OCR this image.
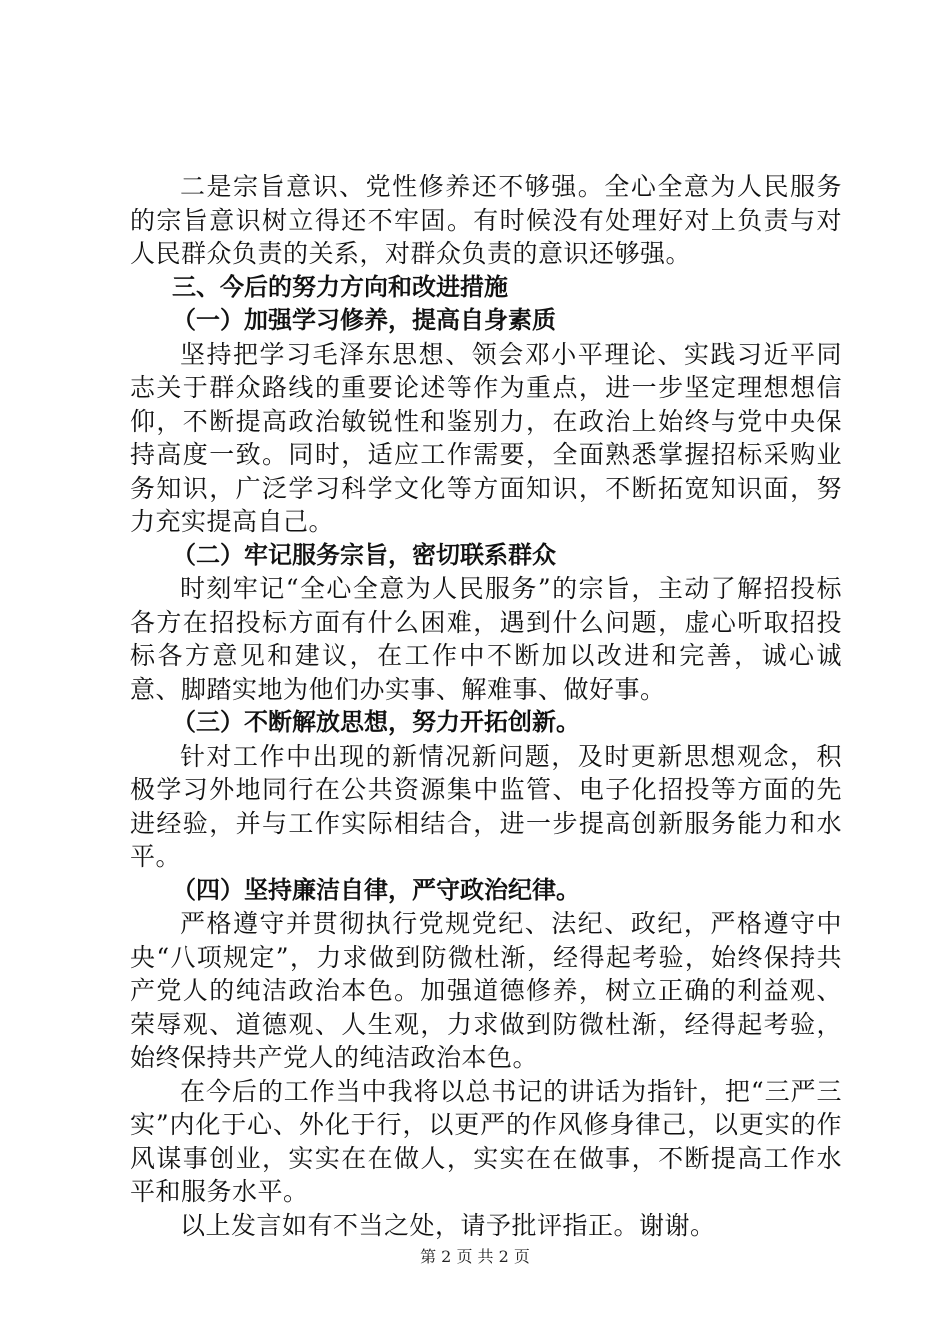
二是宗旨意识、党性修养还不够强。全心全意为人民服务的宗旨意识树立得还不牢固。有时候没有处理好对上负责与对人民群众负责的关系，对群众负责的意识还够强。

三、今后的努力方向和改进措施

（一）加强学习修养，提高自身素质

坚持把学习毛泽东思想、领会邓小平理论、实践习近平同志关于群众路线的重要论述等作为重点，进一步坚定理想想信仰，不断提高政治敏锐性和鉴别力，在政治上始终与党中央保持高度一致。同时，适应工作需要，全面熟悉掌握招标采购业务知识，广泛学习科学文化等方面知识，不断拓宽知识面，努力充实提高自己。

（二）牢记服务宗旨，密切联系群众

时刻牢记“全心全意为人民服务”的宗旨，主动了解招投标各方在招投标方面有什么困难，遇到什么问题，虚心听取招投标各方意见和建议，在工作中不断加以改进和完善，诚心诚意、脚踏实地为他们办实事、解难事、做好事。

（三）不断解放思想，努力开拓创新。

针对工作中出现的新情况新问题，及时更新思想观念，积极学习外地同行在公共资源集中监管、电子化招投等方面的先进经验，并与工作实际相结合，进一步提高创新服务能力和水平。

（四）坚持廉洁自律，严守政治纪律。

严格遵守并贯彻执行党规党纪、法纪、政纪，严格遵守中央“八项规定”，力求做到防微杜渐，经得起考验，始终保持共产党人的纯洁政治本色。加强道德修养，树立正确的利益观、荣辱观、道德观、人生观，力求做到防微杜渐，经得起考验，始终保持共产党人的纯洁政治本色。

在今后的工作当中我将以总书记的讲话为指针，把“三严三实”内化于心、外化于行，以更严的作风修身律己，以更实的作风谋事创业，实实在在做人，实实在在做事，不断提高工作水平和服务水平。

以上发言如有不当之处，请予批评指正。谢谢。

第 2 页 共 2 页
